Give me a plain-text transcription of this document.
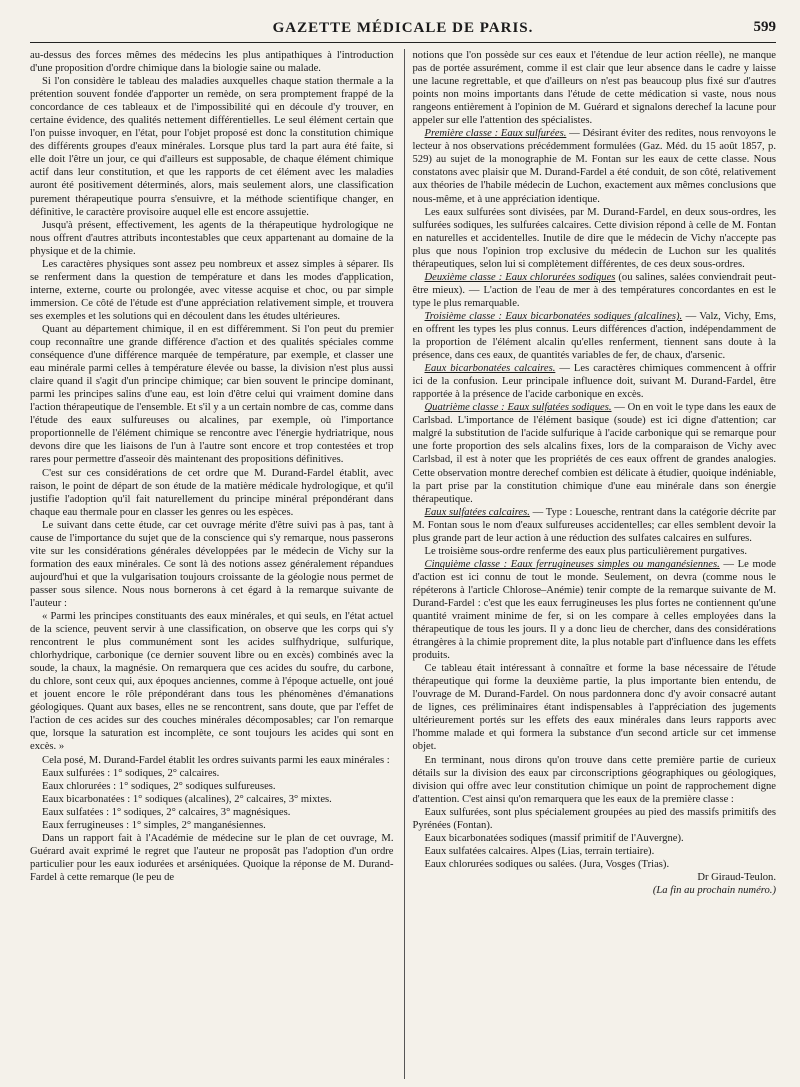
GAZETTE MÉDICALE DE PARIS.	599

au-dessus des forces mêmes des médecins les plus antipathiques à l'introduction d'une proposition d'ordre chimique dans la biologie saine ou malade.

Si l'on considère le tableau des maladies auxquelles chaque station thermale a la prétention souvent fondée d'apporter un remède, on sera promptement frappé de la concordance de ces tableaux et de l'impossibilité qui en découle d'y trouver, en certaine évidence, des qualités nettement différentielles. Le seul élément certain que l'on puisse invoquer, en l'état, pour l'objet proposé est donc la constitution chimique des différents groupes d'eaux minérales. Lorsque plus tard la part aura été faite, si elle doit l'être un jour, ce qui d'ailleurs est supposable, de chaque élément chimique actif dans leur constitution, et que les rapports de cet élément avec les maladies auront été positivement déterminés, alors, mais seulement alors, une classification purement thérapeutique pourra s'ensuivre, et la méthode scientifique changer, en définitive, le caractère provisoire auquel elle est encore assujettie.

Jusqu'à présent, effectivement, les agents de la thérapeutique hydrologique ne nous offrent d'autres attributs incontestables que ceux appartenant au domaine de la physique et de la chimie.

Les caractères physiques sont assez peu nombreux et assez simples à séparer. Ils se renferment dans la question de température et dans les modes d'application, interne, externe, courte ou prolongée, avec vitesse acquise et choc, ou par simple immersion. Ce côté de l'étude est d'une appréciation relativement simple, et trouvera ses exemples et les solutions qui en découlent dans les études ultérieures.

Quant au département chimique, il en est différemment. Si l'on peut du premier coup reconnaître une grande différence d'action et des qualités spéciales comme conséquence d'une différence marquée de température, par exemple, et classer une eau minérale parmi celles à température élevée ou basse, la division n'est plus aussi claire quand il s'agit d'un principe chimique; car bien souvent le principe dominant, parmi les principes salins d'une eau, est loin d'être celui qui vraiment domine dans l'action thérapeutique de l'ensemble. Et s'il y a un certain nombre de cas, comme dans l'étude des eaux sulfureuses ou alcalines, par exemple, où l'importance proportionnelle de l'élément chimique se rencontre avec l'énergie hydriatrique, nous devons dire que les liaisons de l'un à l'autre sont encore et trop contestées et trop rares pour permettre d'asseoir dès maintenant des propositions définitives.

C'est sur ces considérations de cet ordre que M. Durand-Fardel établit, avec raison, le point de départ de son étude de la matière médicale hydrologique, et qu'il justifie l'adoption qu'il fait naturellement du principe minéral prépondérant dans chaque eau thermale pour en classer les genres ou les espèces.

Le suivant dans cette étude, car cet ouvrage mérite d'être suivi pas à pas, tant à cause de l'importance du sujet que de la conscience qui s'y remarque, nous passerons vite sur les considérations générales développées par le médecin de Vichy sur la formation des eaux minérales. Ce sont là des notions assez généralement répandues aujourd'hui et que la vulgarisation toujours croissante de la géologie nous permet de passer sous silence. Nous nous bornerons à cet égard à la remarque suivante de l'auteur :

« Parmi les principes constituants des eaux minérales, et qui seuls, en l'état actuel de la science, peuvent servir à une classification, on observe que les corps qui s'y rencontrent le plus communément sont les acides sulfhydrique, sulfurique, chlorhydrique, carbonique (ce dernier souvent libre ou en excès) combinés avec la soude, la chaux, la magnésie. On remarquera que ces acides du soufre, du carbone, du chlore, sont ceux qui, aux époques anciennes, comme à l'époque actuelle, ont joué et jouent encore le rôle prépondérant dans tous les phénomènes d'émanations géologiques. Quant aux bases, elles ne se rencontrent, sans doute, que par l'effet de l'action de ces acides sur des couches minérales décomposables; car l'on remarque que, lorsque la saturation est incomplète, ce sont toujours les acides qui sont en excès. »

Cela posé, M. Durand-Fardel établit les ordres suivants parmi les eaux minérales :

Eaux sulfurées : 1° sodiques, 2° calcaires.

Eaux chlorurées : 1° sodiques, 2° sodiques sulfureuses.

Eaux bicarbonatées : 1° sodiques (alcalines), 2° calcaires, 3° mixtes.

Eaux sulfatées : 1° sodiques, 2° calcaires, 3° magnésiques.

Eaux ferrugineuses : 1° simples, 2° manganésiennes.

Dans un rapport fait à l'Académie de médecine sur le plan de cet ouvrage, M. Guérard avait exprimé le regret que l'auteur ne proposât pas l'adoption d'un ordre particulier pour les eaux iodurées et arséniquées. Quoique la réponse de M. Durand-Fardel à cette remarque (le peu de

notions que l'on possède sur ces eaux et l'étendue de leur action réelle), ne manque pas de portée assurément, comme il est clair que leur absence dans le cadre y laisse une lacune regrettable, et que d'ailleurs on n'est pas beaucoup plus fixé sur d'autres points non moins importants dans l'étude de cette médication si vaste, nous nous rangeons entièrement à l'opinion de M. Guérard et signalons derechef la lacune pour appeler sur elle l'attention des spécialistes.

Première classe : Eaux sulfurées. — Désirant éviter des redites, nous renvoyons le lecteur à nos observations précédemment formulées (Gaz. Méd. du 15 août 1857, p. 529) au sujet de la monographie de M. Fontan sur les eaux de cette classe. Nous constatons avec plaisir que M. Durand-Fardel a été conduit, de son côté, relativement aux théories de l'habile médecin de Luchon, exactement aux mêmes conclusions que nous-même, et à une appréciation identique.

Les eaux sulfurées sont divisées, par M. Durand-Fardel, en deux sous-ordres, les sulfurées sodiques, les sulfurées calcaires. Cette division répond à celle de M. Fontan en naturelles et accidentelles. Inutile de dire que le médecin de Vichy n'accepte pas plus que nous l'opinion trop exclusive du médecin de Luchon sur les qualités thérapeutiques, selon lui si complètement différentes, de ces deux sous-ordres.

Deuxième classe : Eaux chlorurées sodiques (ou salines, salées conviendrait peut-être mieux). — L'action de l'eau de mer à des températures concordantes en est le type le plus remarquable.

Troisième classe : Eaux bicarbonatées sodiques (alcalines). — Valz, Vichy, Ems, en offrent les types les plus connus. Leurs différences d'action, indépendamment de la proportion de l'élément alcalin qu'elles renferment, tiennent sans doute à la présence, dans ces eaux, de quantités variables de fer, de chaux, d'arsenic.

Eaux bicarbonatées calcaires. — Les caractères chimiques commencent à offrir ici de la confusion. Leur principale influence doit, suivant M. Durand-Fardel, être rapportée à la présence de l'acide carbonique en excès.

Quatrième classe : Eaux sulfatées sodiques. — On en voit le type dans les eaux de Carlsbad. L'importance de l'élément basique (soude) est ici digne d'attention; car malgré la substitution de l'acide sulfurique à l'acide carbonique qui se remarque pour une forte proportion des sels alcalins fixes, lors de la comparaison de Vichy avec Carlsbad, il est à noter que les propriétés de ces eaux offrent de grandes analogies. Cette observation montre derechef combien est délicate à étudier, quoique indéniable, la part prise par la constitution chimique d'une eau minérale dans son énergie thérapeutique.

Eaux sulfatées calcaires. — Type : Louesche, rentrant dans la catégorie décrite par M. Fontan sous le nom d'eaux sulfureuses accidentelles; car elles semblent devoir la plus grande part de leur action à une réduction des sulfates calcaires en sulfures.

Le troisième sous-ordre renferme des eaux plus particulièrement purgatives.

Cinquième classe : Eaux ferrugineuses simples ou manganésiennes. — Le mode d'action est ici connu de tout le monde. Seulement, on devra (comme nous le répéterons à l'article Chlorose–Anémie) tenir compte de la remarque suivante de M. Durand-Fardel : c'est que les eaux ferrugineuses les plus fortes ne contiennent qu'une quantité vraiment minime de fer, si on les compare à celles employées dans la thérapeutique de tous les jours. Il y a donc lieu de chercher, dans des considérations étrangères à la chimie proprement dite, la plus notable part d'influence dans les effets produits.

Ce tableau était intéressant à connaître et forme la base nécessaire de l'étude thérapeutique qui forme la deuxième partie, la plus importante bien entendu, de l'ouvrage de M. Durand-Fardel. On nous pardonnera donc d'y avoir consacré autant de lignes, ces préliminaires étant indispensables à l'appréciation des jugements ultérieurement portés sur les effets des eaux minérales dans leurs rapports avec l'homme malade et qui formera la substance d'un second article sur cet immense objet.

En terminant, nous dirons qu'on trouve dans cette première partie de curieux détails sur la division des eaux par circonscriptions géographiques ou géologiques, division qui offre avec leur constitution chimique un point de rapprochement digne d'attention. C'est ainsi qu'on remarquera que les eaux de la première classe :

Eaux sulfurées, sont plus spécialement groupées au pied des massifs primitifs des Pyrénées (Fontan).

Eaux bicarbonatées sodiques (massif primitif de l'Auvergne).

Eaux sulfatées calcaires. Alpes (Lias, terrain tertiaire).

Eaux chlorurées sodiques ou salées. (Jura, Vosges (Trias).

Dr Giraud-Teulon.

(La fin au prochain numéro.)
